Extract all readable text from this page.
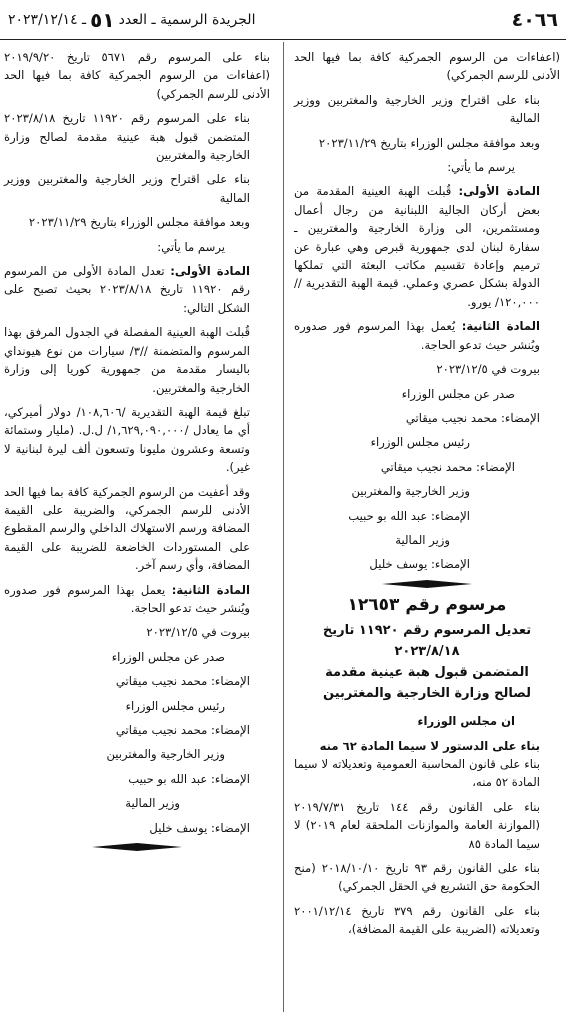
٤٠٦٦
الجريدة الرسمية ـ العدد
٥١
ـ ٢٠٢٣/١٢/١٤

(اعفاءات من الرسوم الجمركية كافة بما فيها الحد الأدنى للرسم الجمركي)

بناء على اقتراح وزير الخارجية والمغتربين ووزير المالية

وبعد موافقة مجلس الوزراء بتاريخ ٢٠٢٣/١١/٢٩

يرسم ما يأتي:

المادة الأولى: قُبلت الهبة العينية المقدمة من بعض أركان الجالية اللبنانية من رجال أعمال ومستثمرين، الى وزارة الخارجية والمغتربين ـ سفارة لبنان لدى جمهورية قبرص وهي عبارة عن ترميم وإعادة تقسيم مكاتب البعثة التي تملكها الدولة بشكل عصري وعملي. قيمة الهبة التقديرية //١٢٠,٠٠٠/ يورو.

المادة الثانية: يُعمل بهذا المرسوم فور صدوره ويُنشر حيث تدعو الحاجة.

بيروت في ٢٠٢٣/١٢/٥

صدر عن مجلس الوزراء

الإمضاء: محمد نجيب ميقاتي

رئيس مجلس الوزراء

الإمضاء: محمد نجيب ميقاتي

وزير الخارجية والمغتربين

الإمضاء: عبد الله بو حبيب

وزير المالية

الإمضاء: يوسف خليل

مرسوم رقم ١٢٦٥٣
تعديل المرسوم رقم ١١٩٢٠ تاريخ ٢٠٢٣/٨/١٨
المتضمن قبول هبة عينية مقدمة
لصالح وزارة الخارجية والمغتربين

ان مجلس الوزراء

بناء على الدستور لا سيما المادة ٦٢ منه

بناء على قانون المحاسبة العمومية وتعديلاته لا سيما المادة ٥٢ منه،

بناء على القانون رقم ١٤٤ تاريخ ٢٠١٩/٧/٣١ (الموازنة العامة والموازنات الملحقة لعام ٢٠١٩) لا سيما المادة ٨٥

بناء على القانون رقم ٩٣ تاريخ ٢٠١٨/١٠/١٠ (منح الحكومة حق التشريع في الحقل الجمركي)

بناء على القانون رقم ٣٧٩ تاريخ ٢٠٠١/١٢/١٤ وتعديلاته (الضريبة على القيمة المضافة)،

بناء على المرسوم رقم ٥٦٧١ تاريخ ٢٠١٩/٩/٢٠ (اعفاءات من الرسوم الجمركية كافة بما فيها الحد الأدنى للرسم الجمركي)

بناء على المرسوم رقم ١١٩٢٠ تاريخ ٢٠٢٣/٨/١٨ المتضمن قبول هبة عينية مقدمة لصالح وزارة الخارجية والمغتربين

بناء على اقتراح وزير الخارجية والمغتربين ووزير المالية

وبعد موافقة مجلس الوزراء بتاريخ ٢٠٢٣/١١/٢٩

يرسم ما يأتي:

المادة الأولى: تعدل المادة الأولى من المرسوم رقم ١١٩٢٠ تاريخ ٢٠٢٣/٨/١٨ بحيث تصبح على الشكل التالي:

قُبلت الهبة العينية المفصلة في الجدول المرفق بهذا المرسوم والمتضمنة //٣/ سيارات من نوع هيونداي باليسار مقدمة من جمهورية كوريا إلى وزارة الخارجية والمغتربين.

تبلغ قيمة الهبة التقديرية /١٠٨,٦٠٦/ دولار أميركي، أي ما يعادل /١,٦٢٩,٠٩٠,٠٠٠/ ل.ل. (مليار وستمائة وتسعة وعشرون مليونا وتسعون ألف ليرة لبنانية لا غير).

وقد أعفيت من الرسوم الجمركية كافة بما فيها الحد الأدنى للرسم الجمركي، والضريبة على القيمة المضافة ورسم الاستهلاك الداخلي والرسم المقطوع على المستوردات الخاضعة للضريبة على القيمة المضافة، وأي رسم آخر.

المادة الثانية: يعمل بهذا المرسوم فور صدوره ويُنشر حيث تدعو الحاجة.

بيروت في ٢٠٢٣/١٢/٥

صدر عن مجلس الوزراء

الإمضاء: محمد نجيب ميقاتي

رئيس مجلس الوزراء

الإمضاء: محمد نجيب ميقاتي

وزير الخارجية والمغتربين

الإمضاء: عبد الله بو حبيب

وزير المالية

الإمضاء: يوسف خليل
